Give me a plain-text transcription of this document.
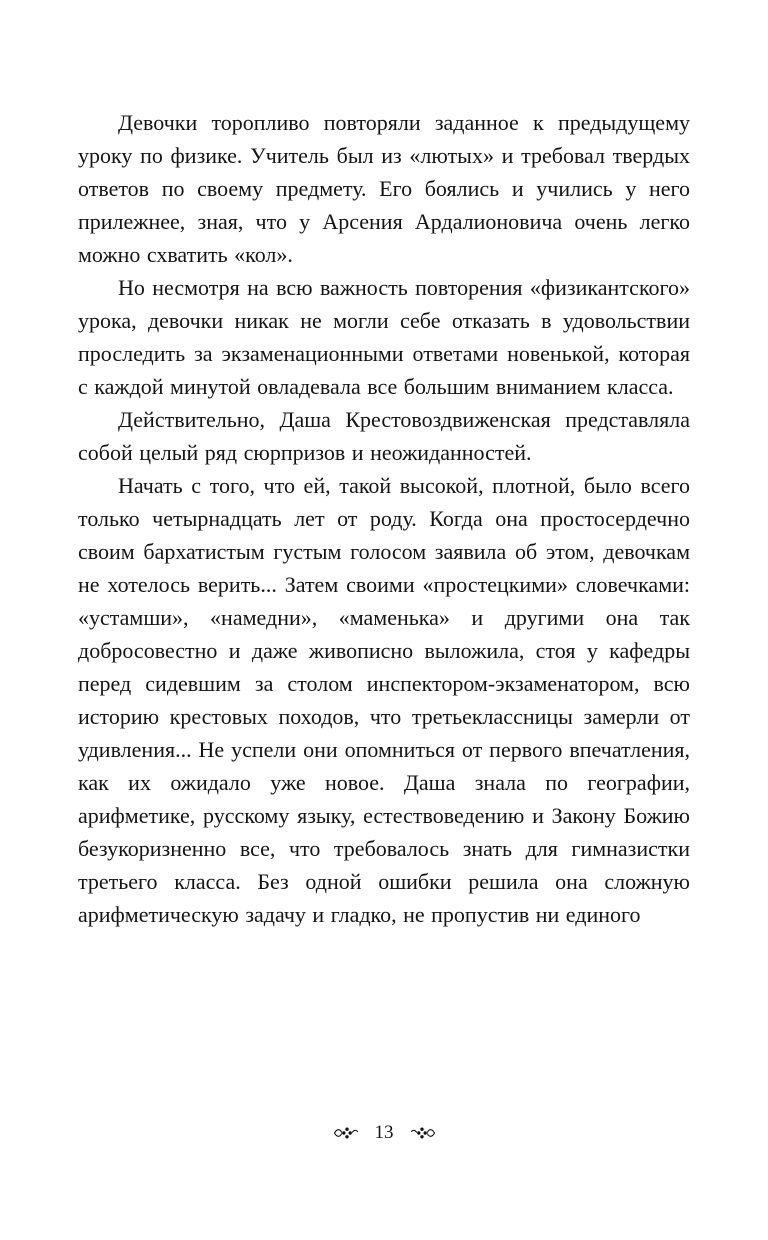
Девочки торопливо повторяли заданное к предыдущему уроку по физике. Учитель был из «лютых» и требовал твердых ответов по своему предмету. Его боялись и учились у него прилежнее, зная, что у Арсения Ардалионовича очень легко можно схватить «кол».

Но несмотря на всю важность повторения «физикантского» урока, девочки никак не могли себе отказать в удовольствии проследить за экзаменационными ответами новенькой, которая с каждой минутой овладевала все большим вниманием класса.

Действительно, Даша Крестовоздвиженская представляла собой целый ряд сюрпризов и неожиданностей.

Начать с того, что ей, такой высокой, плотной, было всего только четырнадцать лет от роду. Когда она простосердечно своим бархатистым густым голосом заявила об этом, девочкам не хотелось верить... Затем своими «простецкими» словечками: «устамши», «намедни», «маменька» и другими она так добросовестно и даже живописно выложила, стоя у кафедры перед сидевшим за столом инспектором-экзаменатором, всю историю крестовых походов, что третьеклассницы замерли от удивления... Не успели они опомниться от первого впечатления, как их ожидало уже новое. Даша знала по географии, арифметике, русскому языку, естествоведению и Закону Божию безукоризненно все, что требовалось знать для гимназистки третьего класса. Без одной ошибки решила она сложную арифметическую задачу и гладко, не пропустив ни единого

13
